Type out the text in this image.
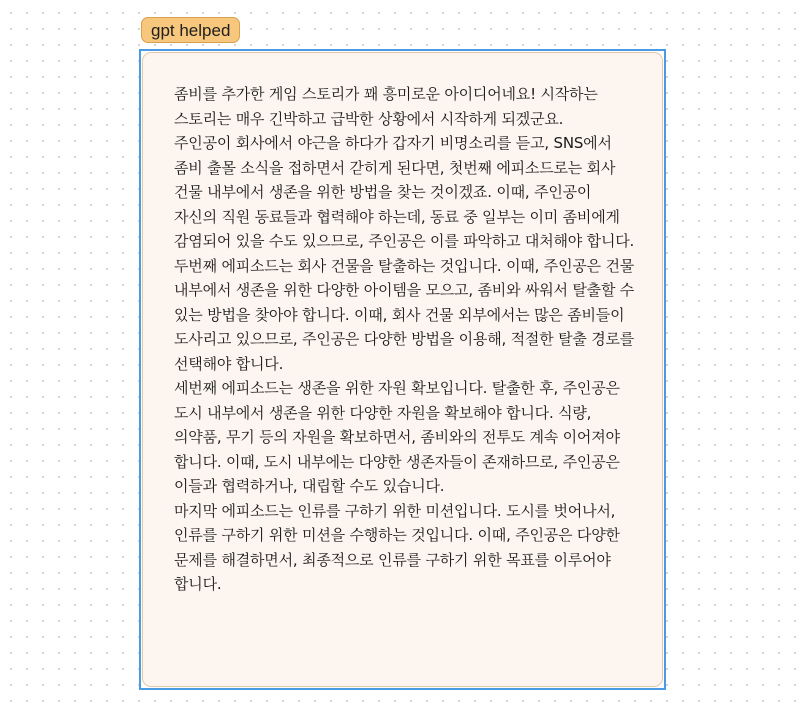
gpt helped

좀비를 추가한 게임 스토리가 꽤 흥미로운 아이디어네요! 시작하는 스토리는 매우 긴박하고 급박한 상황에서 시작하게 되겠군요.

주인공이 회사에서 야근을 하다가 갑자기 비명소리를 듣고, SNS에서 좀비 출몰 소식을 접하면서 갇히게 된다면, 첫번째 에피소드로는 회사 건물 내부에서 생존을 위한 방법을 찾는 것이겠죠. 이때, 주인공이 자신의 직원 동료들과 협력해야 하는데, 동료 중 일부는 이미 좀비에게 감염되어 있을 수도 있으므로, 주인공은 이를 파악하고 대처해야 합니다.

두번째 에피소드는 회사 건물을 탈출하는 것입니다. 이때, 주인공은 건물 내부에서 생존을 위한 다양한 아이템을 모으고, 좀비와 싸워서 탈출할 수 있는 방법을 찾아야 합니다. 이때, 회사 건물 외부에서는 많은 좀비들이 도사리고 있으므로, 주인공은 다양한 방법을 이용해, 적절한 탈출 경로를 선택해야 합니다.

세번째 에피소드는 생존을 위한 자원 확보입니다. 탈출한 후, 주인공은 도시 내부에서 생존을 위한 다양한 자원을 확보해야 합니다. 식량, 의약품, 무기 등의 자원을 확보하면서, 좀비와의 전투도 계속 이어져야 합니다. 이때, 도시 내부에는 다양한 생존자들이 존재하므로, 주인공은 이들과 협력하거나, 대립할 수도 있습니다.

마지막 에피소드는 인류를 구하기 위한 미션입니다. 도시를 벗어나서, 인류를 구하기 위한 미션을 수행하는 것입니다. 이때, 주인공은 다양한 문제를 해결하면서, 최종적으로 인류를 구하기 위한 목표를 이루어야 합니다.
